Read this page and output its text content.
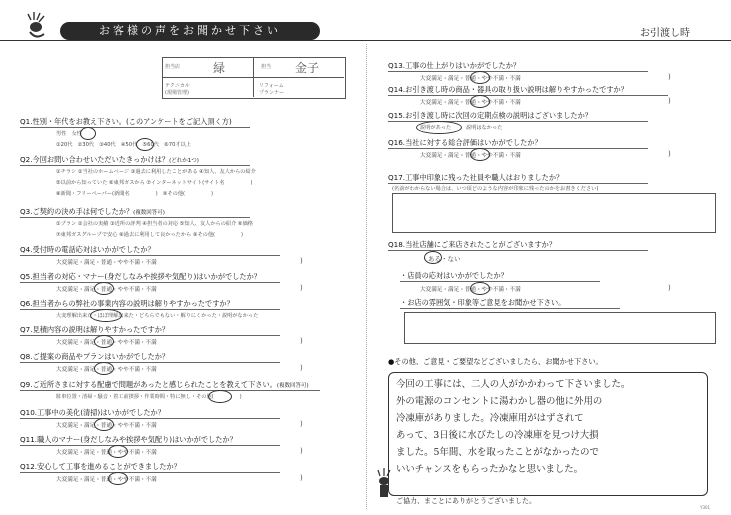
お客様の声をお聞かせ下さい	お引渡し時
担当店	緑	担当 金子
テクニカル
(現場管理)
リフォーム
プランナー
Q1.性別・年代をお教え下さい。(このアンケートをご記入頂く方)
男性　女性
①20代　②30代　③40代　④50代　⑤60代　⑥70才以上
Q2.今回お問い合わせいただいたきっかけは？(どれか1つ)
①チラシ ②当社のホームページ ③過去に利用したことがある ④知人、友人からの紹介
⑤以前から知っていた ⑥東邦ガスから ⑦インターネットサイト(サイト名　　　　　)
⑧新聞・フリーペーパー(新聞名　　　　　)　⑨その他(　　　　　)
Q3.ご契約の決め手は何でしたか？(複数回答可)
①プラン ②会社の実績 ③近所の評判 ④担当者の対応 ⑤知人、友人からの紹介 ⑥価格
⑦東邦ガスグループで安心 ⑧過去に利用して良かったから ⑨その他(　　　　　)
Q4.受付時の電話応対はいかがでしたか？
大変満足・満足・普通・やや不満・不満	)
Q5.担当者の対応・マナー(身だしなみや挨拶や気配り)はいかがでしたか？
大変満足・満足・普通・やや不満・不満	)
Q6.担当者からの弊社の事業内容の説明は解りやすかったですか？
大変理解出来た・ほぼ理解出来た・どちらでもない・解りにくかった・説明がなかった
Q7.見積内容の説明は解りやすかったですか？
大変満足・満足・普通・やや不満・不満	)
Q8.ご提案の商品やプランはいかがでしたか？
大変満足・満足・普通・やや不満・不満	)
Q9.ご近所さまに対する配慮で問題があったと感じられたことを教えて下さい。(複数回答可)
駐車位置・清掃・騒音・着工前挨拶・作業時間・特に無し・その他(　　　　　)
Q10.工事中の美化(清掃)はいかがでしたか？
大変満足・満足・普通・やや不満・不満	)
Q11.職人のマナー(身だしなみや挨拶や気配り)はいかがでしたか？
大変満足・満足・普通・やや不満・不満	)
Q12.安心して工事を進めることができましたか？
大変満足・満足・普通・やや不満・不満	)
Q13.工事の仕上がりはいかがでしたか？
大変満足・満足・普通・やや不満・不満	)
Q14.お引き渡し時の商品・器具の取り扱い説明は解りやすかったですか？
大変満足・満足・普通・やや不満・不満	)
Q15.お引き渡し時に次回の定期点検の説明はございましたか？
説明があった	説明はなかった
Q16.当社に対する総合評価はいかがでしたか？
大変満足・満足・普通・やや不満・不満	)
Q17.工事中印象に残った社員や職人はおりましたか？
(名前がわからない場合は、いつ頃どのような内容が印象に残ったのかをお書きください)
Q18.当社店舗にご来店されたことがございますか？
ある・ない
・店員の応対はいかがでしたか？
大変満足・満足・普通・やや不満・不満	)
・お店の雰囲気・印象等ご意見をお聞かせ下さい。
●その他、ご意見・ご要望などございましたら、お聞かせ下さい。
今回の工事には、二人の人がかかわって下さいました。
外の電源のコンセントに湯わかし器の他に外用の
冷凍庫がありました。冷凍庫用がはずされて
あって、3日後に水びたしの冷凍庫を見つけ大損
ました。5年間、水を取ったことがなかったので
いいチャンスをもらったかなと思いました。
ご協力、まことにありがとうございました。
Y301
